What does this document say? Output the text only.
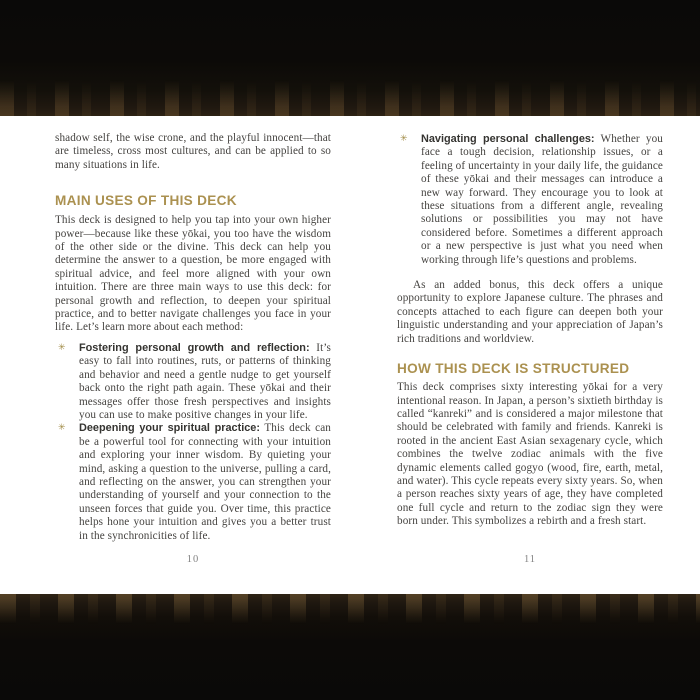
shadow self, the wise crone, and the playful innocent—that are timeless, cross most cultures, and can be applied to so many situations in life.

MAIN USES OF THIS DECK

This deck is designed to help you tap into your own higher power—because like these yōkai, you too have the wisdom of the other side or the divine. This deck can help you determine the answer to a question, be more engaged with spiritual advice, and feel more aligned with your own intuition. There are three main ways to use this deck: for personal growth and reflection, to deepen your spiritual practice, and to better navigate challenges you face in your life. Let’s learn more about each method:

✳ Fostering personal growth and reflection: It’s easy to fall into routines, ruts, or patterns of thinking and behavior and need a gentle nudge to get yourself back onto the right path again. These yōkai and their messages offer those fresh perspectives and insights you can use to make positive changes in your life.

✳ Deepening your spiritual practice: This deck can be a powerful tool for connecting with your intuition and exploring your inner wisdom. By quieting your mind, asking a question to the universe, pulling a card, and reflecting on the answer, you can strengthen your understanding of yourself and your connection to the unseen forces that guide you. Over time, this practice helps hone your intuition and gives you a better trust in the synchronicities of life.

10
✳ Navigating personal challenges: Whether you face a tough decision, relationship issues, or a feeling of uncertainty in your daily life, the guidance of these yōkai and their messages can introduce a new way forward. They encourage you to look at these situations from a different angle, revealing solutions or possibilities you may not have considered before. Sometimes a different approach or a new perspective is just what you need when working through life’s questions and problems.

As an added bonus, this deck offers a unique opportunity to explore Japanese culture. The phrases and concepts attached to each figure can deepen both your linguistic understanding and your appreciation of Japan’s rich traditions and worldview.

HOW THIS DECK IS STRUCTURED

This deck comprises sixty interesting yōkai for a very intentional reason. In Japan, a person’s sixtieth birthday is called “kanreki” and is considered a major milestone that should be celebrated with family and friends. Kanreki is rooted in the ancient East Asian sexagenary cycle, which combines the twelve zodiac animals with the five dynamic elements called gogyo (wood, fire, earth, metal, and water). This cycle repeats every sixty years. So, when a person reaches sixty years of age, they have completed one full cycle and return to the zodiac sign they were born under. This symbolizes a rebirth and a fresh start.

11
